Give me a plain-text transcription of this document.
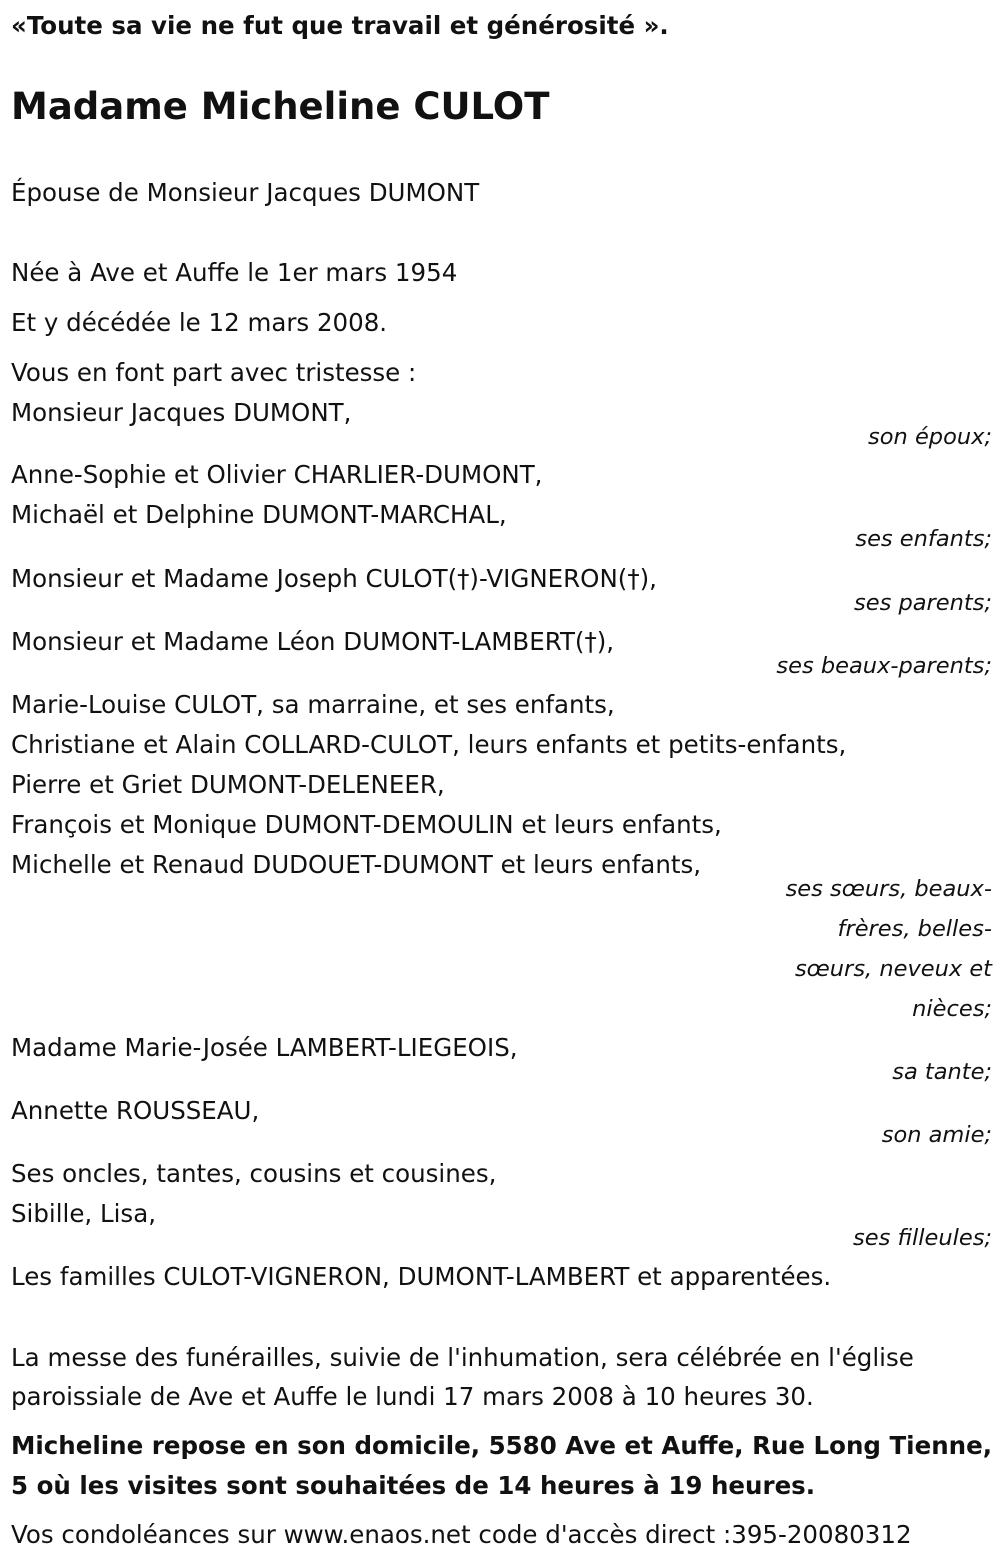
«Toute sa vie ne fut que travail et générosité ».
Madame Micheline CULOT
Épouse de Monsieur Jacques DUMONT
Née à Ave et Auffe le 1er mars 1954
Et y décédée le 12 mars 2008.
Vous en font part avec tristesse :
Monsieur Jacques DUMONT,
son époux;
Anne-Sophie et Olivier CHARLIER-DUMONT,
Michaël et Delphine DUMONT-MARCHAL,
ses enfants;
Monsieur et Madame Joseph CULOT(†)-VIGNERON(†),
ses parents;
Monsieur et Madame Léon DUMONT-LAMBERT(†),
ses beaux-parents;
Marie-Louise CULOT, sa marraine, et ses enfants,
Christiane et Alain COLLARD-CULOT, leurs enfants et petits-enfants,
Pierre et Griet DUMONT-DELENEER,
François et Monique DUMONT-DEMOULIN et leurs enfants,
Michelle et Renaud DUDOUET-DUMONT et leurs enfants,
ses sœurs, beaux-
frères, belles-
sœurs, neveux et
nièces;
Madame Marie-Josée LAMBERT-LIEGEOIS,
sa tante;
Annette ROUSSEAU,
son amie;
Ses oncles, tantes, cousins et cousines,
Sibille, Lisa,
ses filleules;
Les familles CULOT-VIGNERON, DUMONT-LAMBERT et apparentées.
La messe des funérailles, suivie de l'inhumation, sera célébrée en l'église
paroissiale de Ave et Auffe le lundi 17 mars 2008 à 10 heures 30.
Micheline repose en son domicile, 5580 Ave et Auffe, Rue Long Tienne,
5 où les visites sont souhaitées de 14 heures à 19 heures.
Vos condoléances sur www.enaos.net code d'accès direct :395-20080312
